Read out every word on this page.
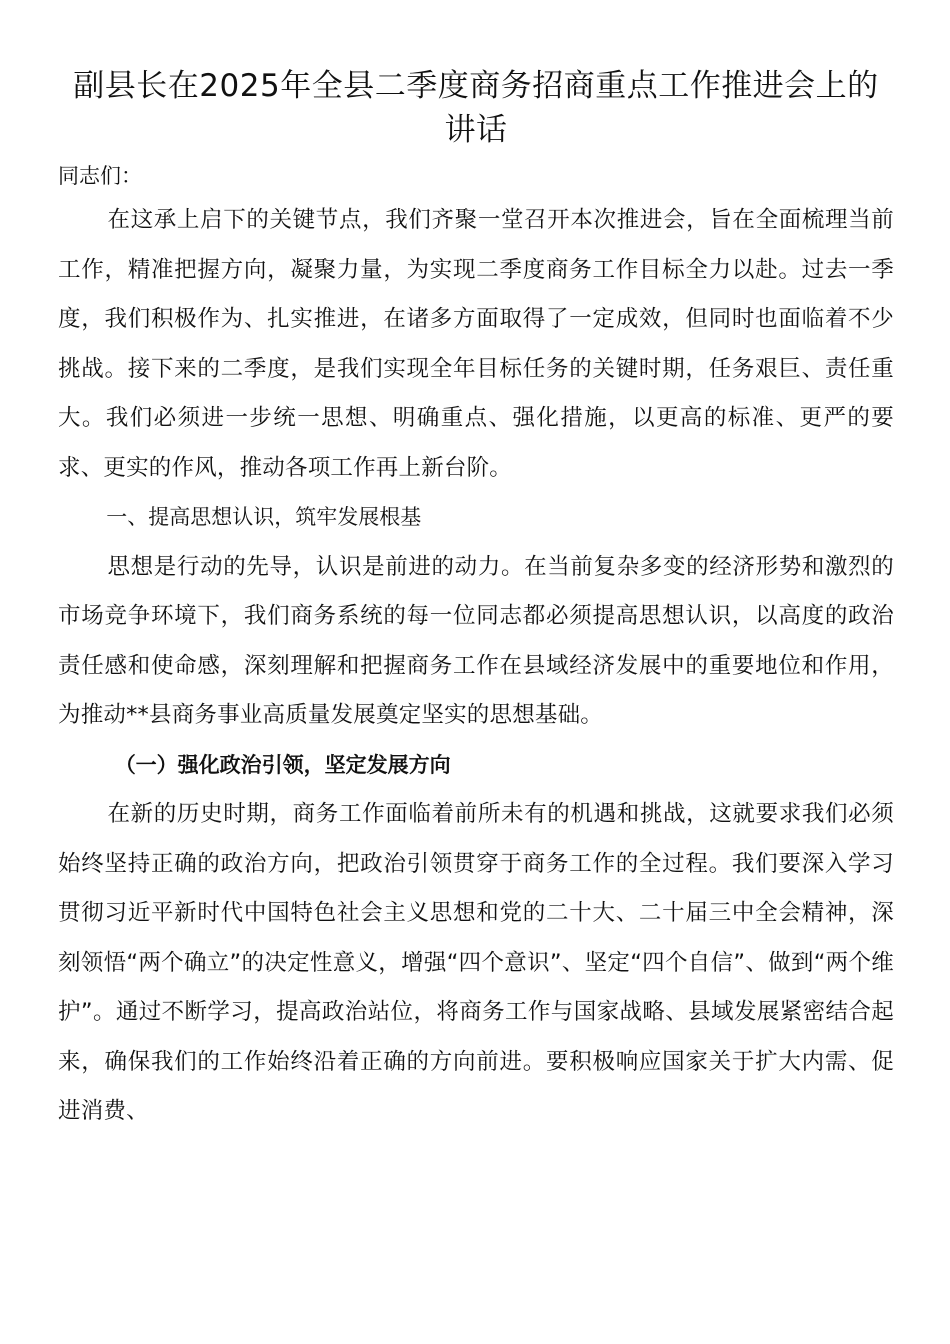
副县长在2025年全县二季度商务招商重点工作推进会上的讲话

同志们：

在这承上启下的关键节点，我们齐聚一堂召开本次推进会，旨在全面梳理当前工作，精准把握方向，凝聚力量，为实现二季度商务工作目标全力以赴。过去一季度，我们积极作为、扎实推进，在诸多方面取得了一定成效，但同时也面临着不少挑战。接下来的二季度，是我们实现全年目标任务的关键时期，任务艰巨、责任重大。我们必须进一步统一思想、明确重点、强化措施，以更高的标准、更严的要求、更实的作风，推动各项工作再上新台阶。

一、提高思想认识，筑牢发展根基

思想是行动的先导，认识是前进的动力。在当前复杂多变的经济形势和激烈的市场竞争环境下，我们商务系统的每一位同志都必须提高思想认识，以高度的政治责任感和使命感，深刻理解和把握商务工作在县域经济发展中的重要地位和作用，为推动**县商务事业高质量发展奠定坚实的思想基础。

（一）强化政治引领，坚定发展方向

在新的历史时期，商务工作面临着前所未有的机遇和挑战，这就要求我们必须始终坚持正确的政治方向，把政治引领贯穿于商务工作的全过程。我们要深入学习贯彻习近平新时代中国特色社会主义思想和党的二十大、二十届三中全会精神，深刻领悟“两个确立”的决定性意义，增强“四个意识”、坚定“四个自信”、做到“两个维护”。通过不断学习，提高政治站位，将商务工作与国家战略、县域发展紧密结合起来，确保我们的工作始终沿着正确的方向前进。要积极响应国家关于扩大内需、促进消费、
